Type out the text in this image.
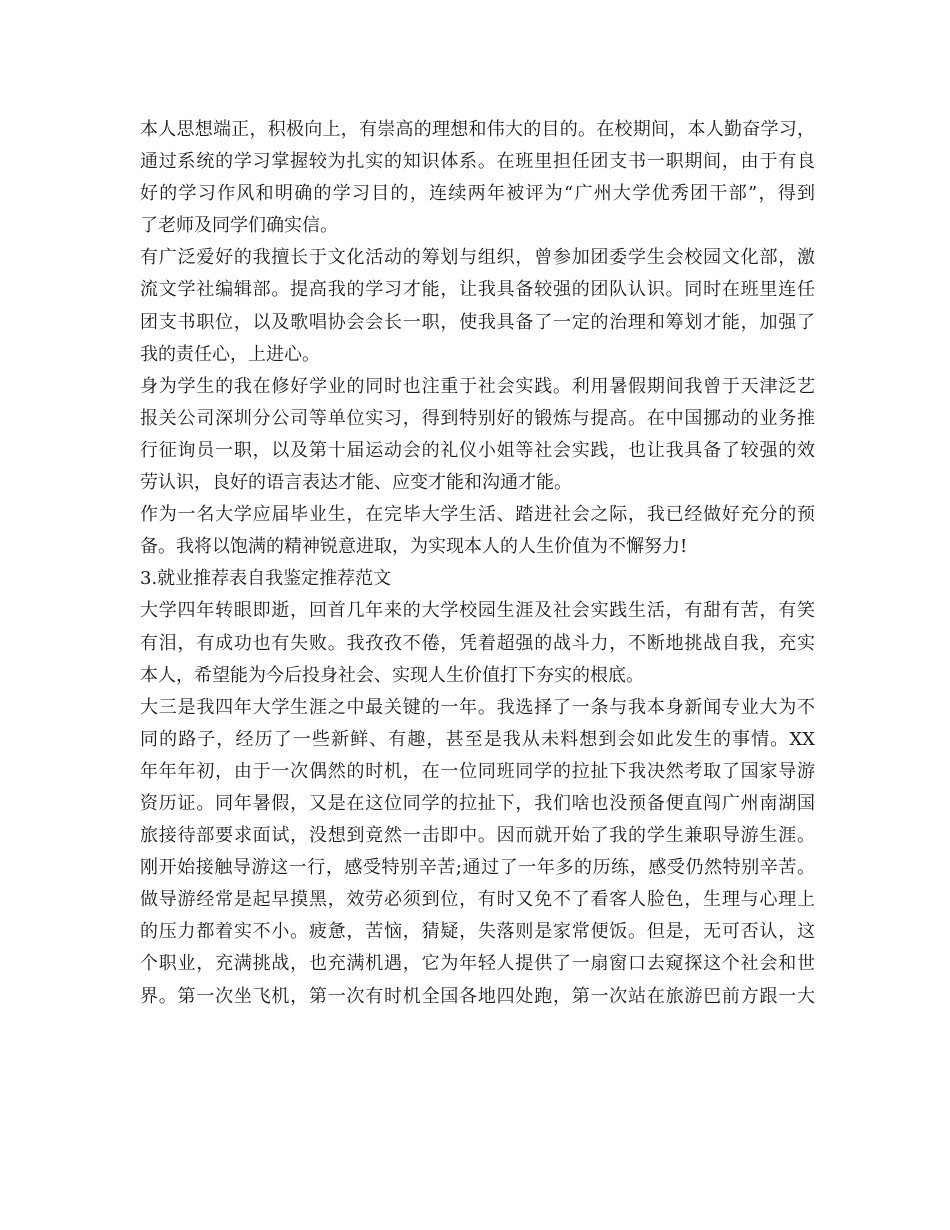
本人思想端正，积极向上，有崇高的理想和伟大的目的。在校期间，本人勤奋学习，
通过系统的学习掌握较为扎实的知识体系。在班里担任团支书一职期间，由于有良
好的学习作风和明确的学习目的，连续两年被评为“广州大学优秀团干部”，得到
了老师及同学们确实信。
有广泛爱好的我擅长于文化活动的筹划与组织，曾参加团委学生会校园文化部，激
流文学社编辑部。提高我的学习才能，让我具备较强的团队认识。同时在班里连任
团支书职位，以及歌唱协会会长一职，使我具备了一定的治理和筹划才能，加强了
我的责任心，上进心。
身为学生的我在修好学业的同时也注重于社会实践。利用暑假期间我曾于天津泛艺
报关公司深圳分公司等单位实习，得到特别好的锻炼与提高。在中国挪动的业务推
行征询员一职，以及第十届运动会的礼仪小姐等社会实践，也让我具备了较强的效
劳认识，良好的语言表达才能、应变才能和沟通才能。
作为一名大学应届毕业生，在完毕大学生活、踏进社会之际，我已经做好充分的预
备。我将以饱满的精神锐意进取，为实现本人的人生价值为不懈努力!
3.就业推荐表自我鉴定推荐范文
大学四年转眼即逝，回首几年来的大学校园生涯及社会实践生活，有甜有苦，有笑
有泪，有成功也有失败。我孜孜不倦，凭着超强的战斗力，不断地挑战自我，充实
本人，希望能为今后投身社会、实现人生价值打下夯实的根底。
大三是我四年大学生涯之中最关键的一年。我选择了一条与我本身新闻专业大为不
同的路子，经历了一些新鲜、有趣，甚至是我从未料想到会如此发生的事情。XX
年年年初，由于一次偶然的时机，在一位同班同学的拉扯下我决然考取了国家导游
资历证。同年暑假，又是在这位同学的拉扯下，我们啥也没预备便直闯广州南湖国
旅接待部要求面试，没想到竟然一击即中。因而就开始了我的学生兼职导游生涯。
刚开始接触导游这一行，感受特别辛苦;通过了一年多的历练，感受仍然特别辛苦。
做导游经常是起早摸黑，效劳必须到位，有时又免不了看客人脸色，生理与心理上
的压力都着实不小。疲惫，苦恼，猜疑，失落则是家常便饭。但是，无可否认，这
个职业，充满挑战，也充满机遇，它为年轻人提供了一扇窗口去窥探这个社会和世
界。第一次坐飞机，第一次有时机全国各地四处跑，第一次站在旅游巴前方跟一大
